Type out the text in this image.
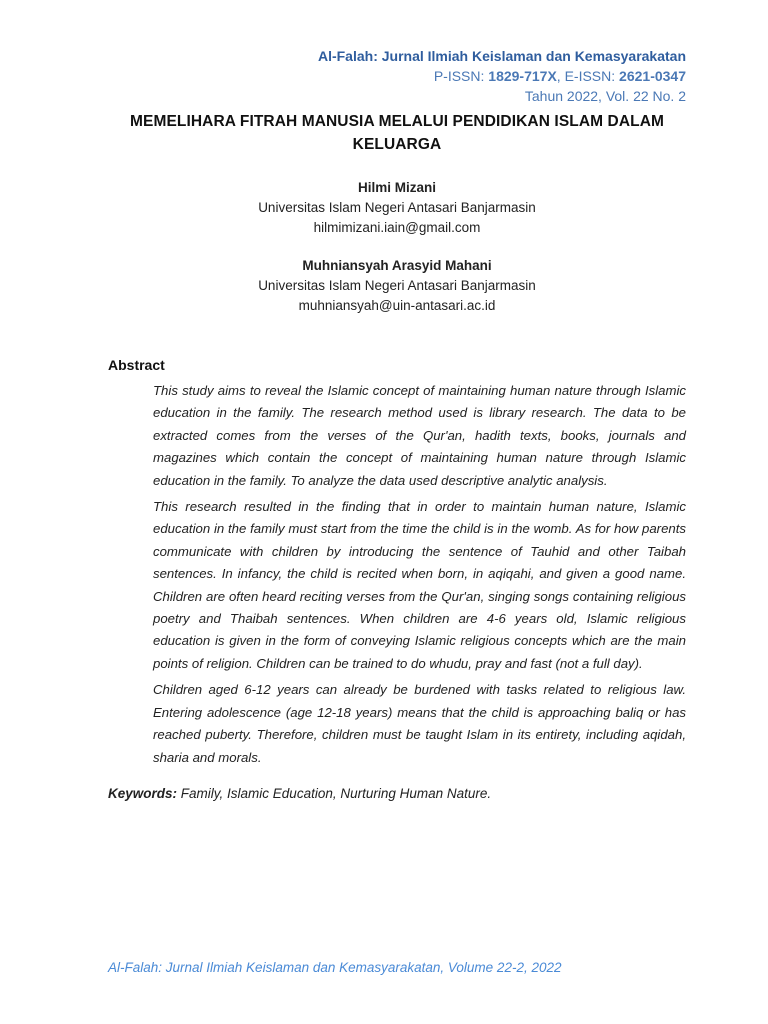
Al-Falah: Jurnal Ilmiah Keislaman dan Kemasyarakatan
P-ISSN: 1829-717X, E-ISSN: 2621-0347
Tahun 2022, Vol. 22 No. 2
MEMELIHARA FITRAH MANUSIA MELALUI PENDIDIKAN ISLAM DALAM
KELUARGA
Hilmi Mizani
Universitas Islam Negeri Antasari Banjarmasin
hilmimizani.iain@gmail.com
Muhniansyah Arasyid Mahani
Universitas Islam Negeri Antasari Banjarmasin
muhniansyah@uin-antasari.ac.id
Abstract

This study aims to reveal the Islamic concept of maintaining human nature through Islamic education in the family. The research method used is library research. The data to be extracted comes from the verses of the Qur'an, hadith texts, books, journals and magazines which contain the concept of maintaining human nature through Islamic education in the family. To analyze the data used descriptive analytic analysis.

This research resulted in the finding that in order to maintain human nature, Islamic education in the family must start from the time the child is in the womb. As for how parents communicate with children by introducing the sentence of Tauhid and other Taibah sentences. In infancy, the child is recited when born, in aqiqahi, and given a good name. Children are often heard reciting verses from the Qur'an, singing songs containing religious poetry and Thaibah sentences. When children are 4-6 years old, Islamic religious education is given in the form of conveying Islamic religious concepts which are the main points of religion. Children can be trained to do whudu, pray and fast (not a full day).

Children aged 6-12 years can already be burdened with tasks related to religious law. Entering adolescence (age 12-18 years) means that the child is approaching baliq or has reached puberty. Therefore, children must be taught Islam in its entirety, including aqidah, sharia and morals.

Keywords: Family, Islamic Education, Nurturing Human Nature.
Al-Falah: Jurnal Ilmiah Keislaman dan Kemasyarakatan, Volume 22-2, 2022
